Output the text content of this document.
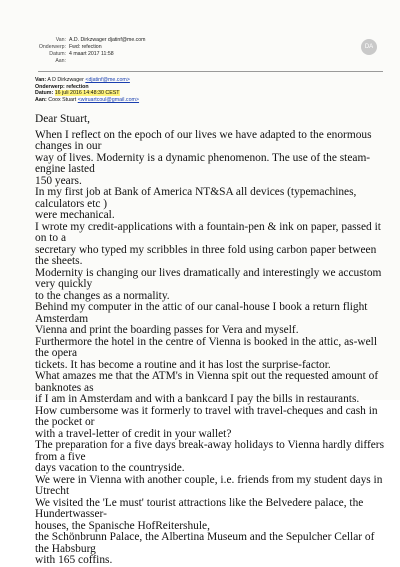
Van: A.D. Dirkzwager djatinf@me.com
Onderwerp: Fwd: refection
Datum: 4 maart 2017 11:58
Aan:
DA
Van: A D Dirkzwager <djatinf@me.com>
Onderwerp: refection
Datum: 16 juli 2016 14:48:30 CEST
Aan: Coox Stuart <wiruartcoul@gmail.com>

Dear Stuart,

When I reflect on the epoch of our lives we have adapted to the enormous changes in our

way of lives. Modernity is a dynamic phenomenon. The use of the steam-engine lasted

150 years.

In my first job at Bank of America NT&SA all devices (typemachines, calculators etc )

were mechanical.

I wrote my credit-applications with a fountain-pen & ink on paper, passed it on to a

secretary who typed my scribbles in three fold using carbon paper between the sheets.

Modernity is changing our lives dramatically and interestingly we accustom very quickly

to the changes as a normality.

Behind my computer in the attic of our canal-house I book a return flight Amsterdam

Vienna and print the boarding passes for Vera and myself.

Furthermore the hotel in the centre of Vienna is booked in the attic, as-well the opera

tickets. It has become a routine and it has lost the surprise-factor.

What amazes me that the ATM's in Vienna spit out the requested amount of banknotes as

if I am in Amsterdam and with a bankcard I pay the bills in restaurants.

How cumbersome was it formerly to travel with travel-cheques and cash in the pocket or

with a travel-letter of credit in your wallet?

The preparation for a five days break-away holidays to Vienna hardly differs from a five

days vacation to the countryside.

We were in Vienna with another couple, i.e. friends from my student days in Utrecht

We visited the 'Le must' tourist attractions like the Belvedere palace, the Hundertwasser-

houses, the Spanische HofReitershule,

the Schönbrunn Palace, the Albertina Museum and the Sepulcher Cellar of the Habsburg

with 165 coffins.
